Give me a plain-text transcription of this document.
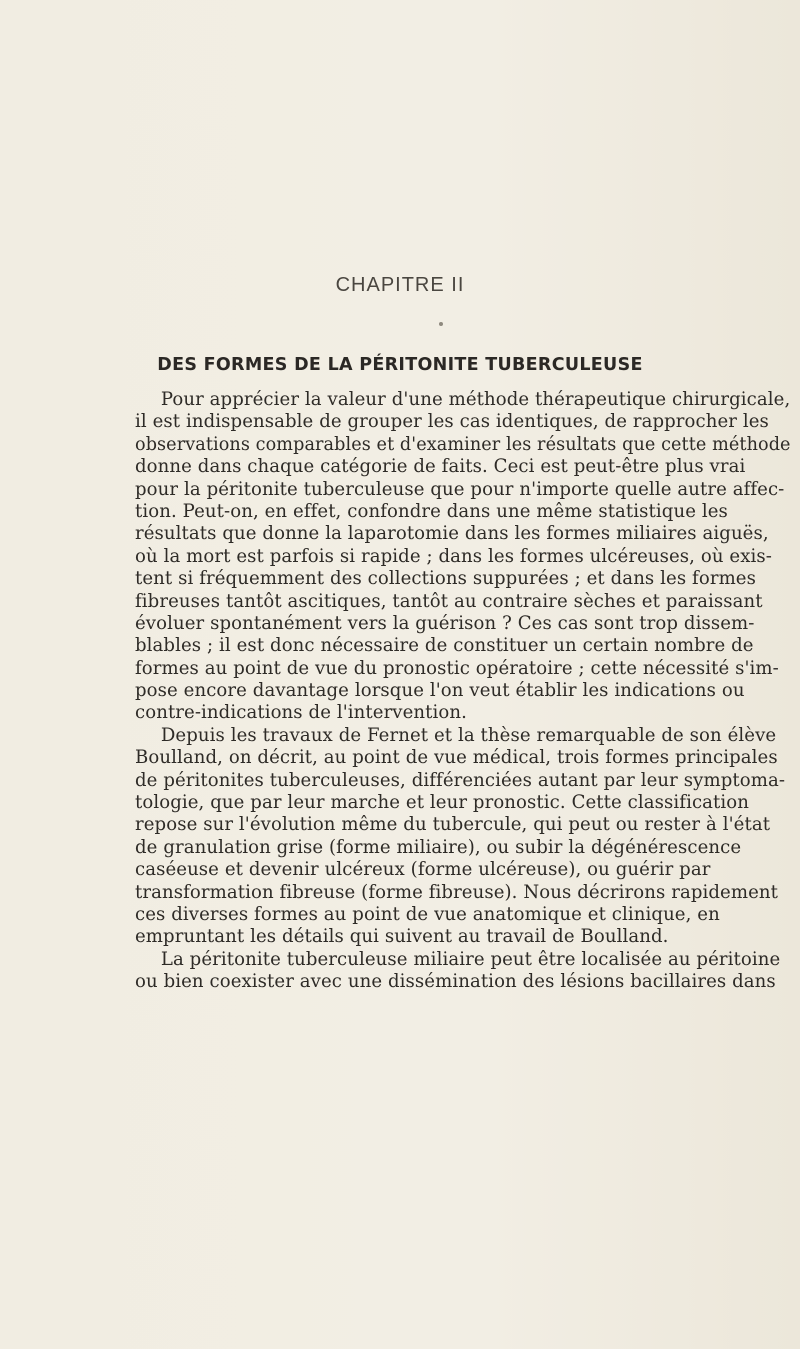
CHAPITRE II
DES FORMES DE LA PÉRITONITE TUBERCULEUSE
Pour apprécier la valeur d'une méthode thérapeutique chirurgicale,
il est indispensable de grouper les cas identiques, de rapprocher les
observations comparables et d'examiner les résultats que cette méthode
donne dans chaque catégorie de faits. Ceci est peut-être plus vrai
pour la péritonite tuberculeuse que pour n'importe quelle autre affec-
tion. Peut-on, en effet, confondre dans une même statistique les
résultats que donne la laparotomie dans les formes miliaires aiguës,
où la mort est parfois si rapide ; dans les formes ulcéreuses, où exis-
tent si fréquemment des collections suppurées ; et dans les formes
fibreuses tantôt ascitiques, tantôt au contraire sèches et paraissant
évoluer spontanément vers la guérison ? Ces cas sont trop dissem-
blables ; il est donc nécessaire de constituer un certain nombre de
formes au point de vue du pronostic opératoire ; cette nécessité s'im-
pose encore davantage lorsque l'on veut établir les indications ou
contre-indications de l'intervention.
Depuis les travaux de Fernet et la thèse remarquable de son élève
Boulland, on décrit, au point de vue médical, trois formes principales
de péritonites tuberculeuses, différenciées autant par leur symptoma-
tologie, que par leur marche et leur pronostic. Cette classification
repose sur l'évolution même du tubercule, qui peut ou rester à l'état
de granulation grise (forme miliaire), ou subir la dégénérescence
caséeuse et devenir ulcéreux (forme ulcéreuse), ou guérir par
transformation fibreuse (forme fibreuse). Nous décrirons rapidement
ces diverses formes au point de vue anatomique et clinique, en
empruntant les détails qui suivent au travail de Boulland.
La péritonite tuberculeuse miliaire peut être localisée au péritoine
ou bien coexister avec une dissémination des lésions bacillaires dans
